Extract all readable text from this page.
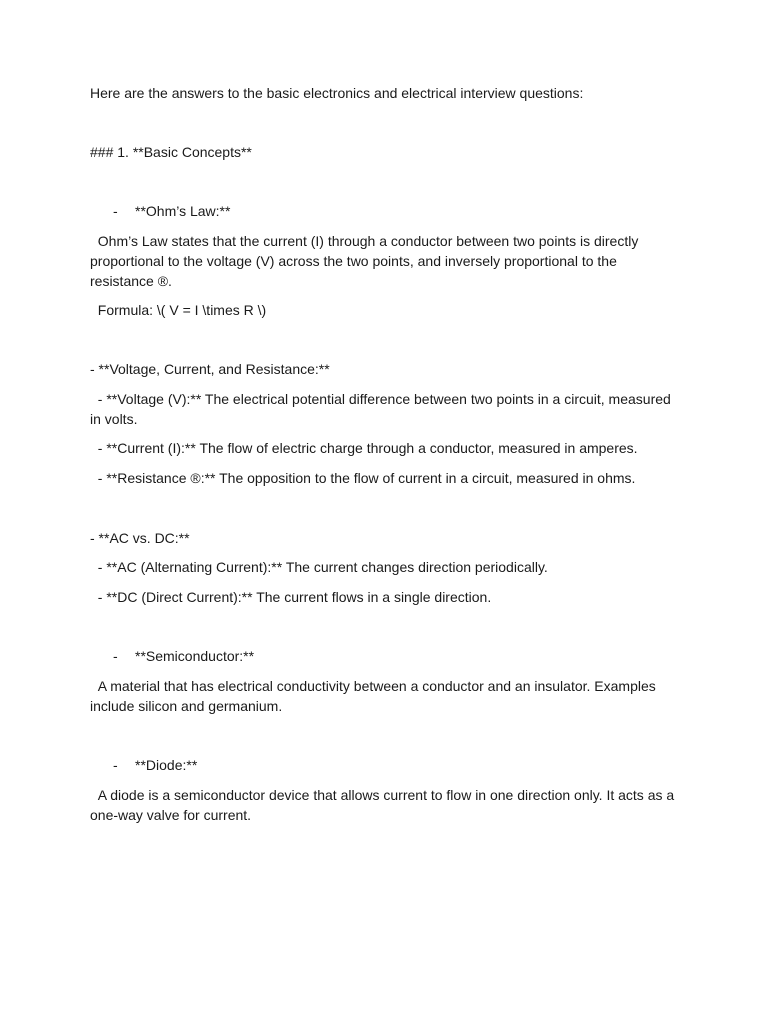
Here are the answers to the basic electronics and electrical interview questions:

### 1. **Basic Concepts**

- **Ohm’s Law:**

Ohm’s Law states that the current (I) through a conductor between two points is directly proportional to the voltage (V) across the two points, and inversely proportional to the resistance ®.

Formula: \( V = I \times R \)

- **Voltage, Current, and Resistance:**

- **Voltage (V):** The electrical potential difference between two points in a circuit, measured in volts.

- **Current (I):** The flow of electric charge through a conductor, measured in amperes.

- **Resistance ®:** The opposition to the flow of current in a circuit, measured in ohms.

- **AC vs. DC:**

- **AC (Alternating Current):** The current changes direction periodically.

- **DC (Direct Current):** The current flows in a single direction.

- **Semiconductor:**

A material that has electrical conductivity between a conductor and an insulator. Examples include silicon and germanium.

- **Diode:**

A diode is a semiconductor device that allows current to flow in one direction only. It acts as a one-way valve for current.
